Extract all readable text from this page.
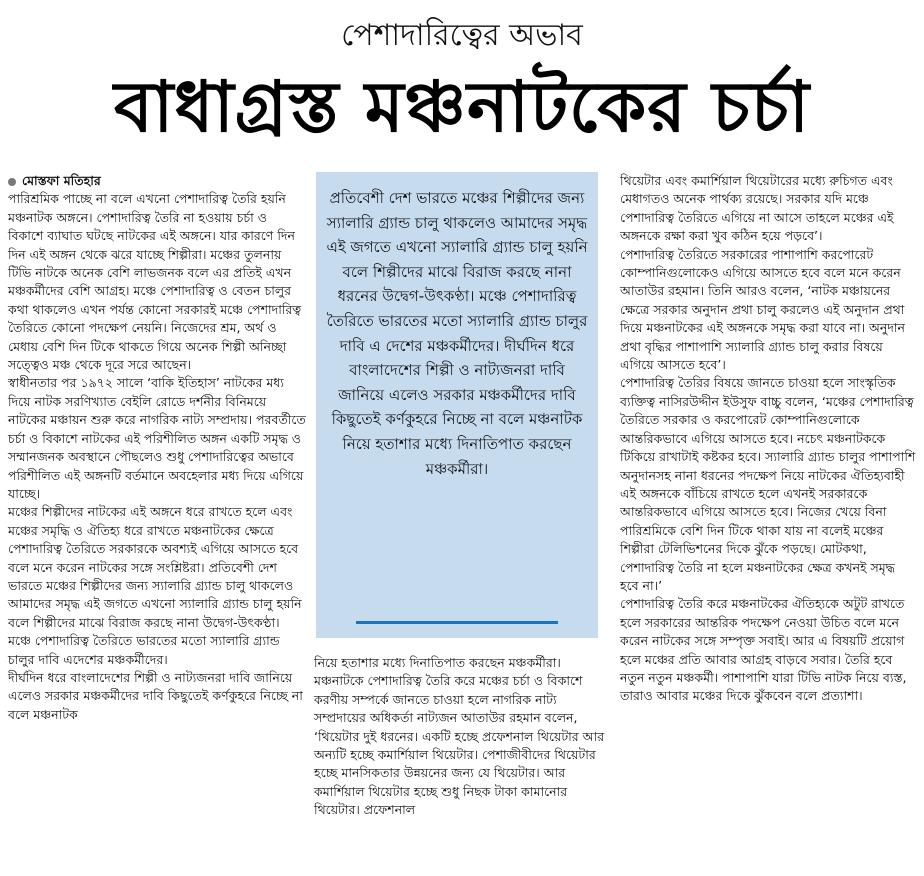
পেশাদারিত্বের অভাব
বাধাগ্রস্ত মঞ্চনাটকের চর্চা

মোস্তফা মতিহার

পারিশ্রমিক পাচ্ছে না বলে এখনো পেশাদারিত্ব তৈরি হয়নি মঞ্চনাটক অঙ্গনে। পেশাদারিত্ব তৈরি না হওয়ায় চর্চা ও বিকাশে ব্যাঘাত ঘটছে নাটকের এই অঙ্গনে। যার কারণে দিন দিন এই অঙ্গন থেকে ঝরে যাচ্ছে শিল্পীরা। মঞ্চের তুলনায় টিভি নাটকে অনেক বেশি লাভজনক বলে এর প্রতিই এখন মঞ্চকর্মীদের বেশি আগ্রহ। মঞ্চে পেশাদারিত্ব ও বেতন চালুর কথা থাকলেও এখন পর্যন্ত কোনো সরকারই মঞ্চে পেশাদারিত্ব তৈরিতে কোনো পদক্ষেপ নেয়নি। নিজেদের শ্রম, অর্থ ও মেধায় বেশি দিন টিকে থাকতে গিয়ে অনেক শিল্পী অনিচ্ছা সত্ত্বেও মঞ্চ থেকে দূরে সরে আছেন।

স্বাধীনতার পর ১৯৭২ সালে ‘বাকি ইতিহাস’ নাটকের মধ্য দিয়ে নাটক সরণিখ্যাত বেইলি রোডে দর্শনীর বিনিময়ে নাটকের মঞ্চায়ন শুরু করে নাগরিক নাট্য সম্প্রদায়। পরবর্তীতে চর্চা ও বিকাশে নাটকের এই পরিশীলিত অঙ্গন একটি সমৃদ্ধ ও সম্মানজনক অবস্থানে পৌছলেও শুধু পেশাদারিত্বের অভাবে পরিশীলিত এই অঙ্গনটি বর্তমানে অবহেলার মধ্য দিয়ে এগিয়ে যাচ্ছে।

মঞ্চের শিল্পীদের নাটকের এই অঙ্গনে ধরে রাখতে হলে এবং মঞ্চের সমৃদ্ধি ও ঐতিহ্য ধরে রাখতে মঞ্চনাটকের ক্ষেত্রে পেশাদারিত্ব তৈরিতে সরকারকে অবশ্যই এগিয়ে আসতে হবে বলে মনে করেন নাটকের সঙ্গে সংশ্লিষ্টরা। প্রতিবেশী দেশ ভারতে মঞ্চের শিল্পীদের জন্য স্যালারি গ্র্যান্ড চালু থাকলেও আমাদের সমৃদ্ধ এই জগতে এখনো স্যালারি গ্র্যান্ড চালু হয়নি বলে শিল্পীদের মাঝে বিরাজ করছে নানা উদ্বেগ-উৎকণ্ঠা। মঞ্চে পেশাদারিত্ব তৈরিতে ভারতের মতো স্যালারি গ্র্যান্ড চালুর দাবি এদেশের মঞ্চকর্মীদের।

দীর্ঘদিন ধরে বাংলাদেশের শিল্পী ও নাট্যজনরা দাবি জানিয়ে এলেও সরকার মঞ্চকর্মীদের দাবি কিছুতেই কর্ণকুহরে নিচ্ছে না বলে মঞ্চনাটক

প্রতিবেশী দেশ ভারতে মঞ্চের শিল্পীদের জন্য স্যালারি গ্র্যান্ড চালু থাকলেও আমাদের সমৃদ্ধ এই জগতে এখনো স্যালারি গ্র্যান্ড চালু হয়নি বলে শিল্পীদের মাঝে বিরাজ করছে নানা ধরনের উদ্বেগ-উৎকণ্ঠা। মঞ্চে পেশাদারিত্ব তৈরিতে ভারতের মতো স্যালারি গ্র্যান্ড চালুর দাবি এ দেশের মঞ্চকর্মীদের। দীর্ঘদিন ধরে বাংলাদেশের শিল্পী ও নাট্যজনরা দাবি জানিয়ে এলেও সরকার মঞ্চকর্মীদের দাবি কিছুতেই কর্ণকুহরে নিচ্ছে না বলে মঞ্চনাটক নিয়ে হতাশার মধ্যে দিনাতিপাত করছেন মঞ্চকর্মীরা।

নিয়ে হতাশার মধ্যে দিনাতিপাত করছেন মঞ্চকর্মীরা।

মঞ্চনাটকে পেশাদারিত্ব তৈরি করে মঞ্চের চর্চা ও বিকাশে করণীয় সম্পর্কে জানতে চাওয়া হলে নাগরিক নাট্য সম্প্রদায়ের অধিকর্তা নাট্যজন আতাউর রহমান বলেন, ‘থিয়েটার দুই ধরনের। একটি হচ্ছে প্রফেশনাল থিয়েটার আর অন্যটি হচ্ছে কমার্শিয়াল থিয়েটার। পেশাজীবীদের থিয়েটার হচ্ছে মানসিকতার উন্নয়নের জন্য যে থিয়েটার। আর কমার্শিয়াল থিয়েটার হচ্ছে শুধু নিছক টাকা কামানোর থিয়েটার। প্রফেশনাল

থিয়েটার এবং কমার্শিয়াল থিয়েটারের মধ্যে রুচিগত এবং মেধাগতও অনেক পার্থক্য রয়েছে। সরকার যদি মঞ্চে পেশাদারিত্ব তৈরিতে এগিয়ে না আসে তাহলে মঞ্চের এই অঙ্গনকে রক্ষা করা খুব কঠিন হয়ে পড়বে’।

পেশাদারিত্ব তৈরিতে সরকারের পাশাপাশি করপোরেট কোম্পানিগুলোকেও এগিয়ে আসতে হবে বলে মনে করেন আতাউর রহমান। তিনি আরও বলেন, ‘নাটক মঞ্চায়নের ক্ষেত্রে সরকার অনুদান প্রথা চালু করলেও এই অনুদান প্রথা দিয়ে মঞ্চনাটকের এই অঙ্গনকে সমৃদ্ধ করা যাবে না। অনুদান প্রথা বৃদ্ধির পাশাপাশি স্যালারি গ্র্যান্ড চালু করার বিষয়ে এগিয়ে আসতে হবে’।

পেশাদারিত্ব তৈরির বিষয়ে জানতে চাওয়া হলে সাংস্কৃতিক ব্যক্তিত্ব নাসিরউদ্দীন ইউসুফ বাচ্চু বলেন, ‘মঞ্চের পেশাদারিত্ব তৈরিতে সরকার ও করপোরেট কোম্পানিগুলোকে আন্তরিকভাবে এগিয়ে আসতে হবে। নচেৎ মঞ্চনাটককে টিকিয়ে রাখাটাই কষ্টকর হবে। স্যালারি গ্র্যান্ড চালুর পাশাপাশি অনুদানসহ নানা ধরনের পদক্ষেপ নিয়ে নাটকের ঐতিহ্যবাহী এই অঙ্গনকে বাঁচিয়ে রাখতে হলে এখনই সরকারকে আন্তরিকভাবে এগিয়ে আসতে হবে। নিজের খেয়ে বিনা পারিশ্রমিকে বেশি দিন টিকে থাকা যায় না বলেই মঞ্চের শিল্পীরা টেলিভিশনের দিকে ঝুঁকে পড়ছে। মোটকথা, পেশাদারিত্ব তৈরি না হলে মঞ্চনাটকের ক্ষেত্র কখনই সমৃদ্ধ হবে না।’

পেশাদারিত্ব তৈরি করে মঞ্চনাটকের ঐতিহ্যকে অটুট রাখতে হলে সরকারের আন্তরিক পদক্ষেপ নেওয়া উচিত বলে মনে করেন নাটকের সঙ্গে সম্পৃক্ত সবাই। আর এ বিষয়টি প্রয়োগ হলে মঞ্চের প্রতি আবার আগ্রহ বাড়বে সবার। তৈরি হবে নতুন নতুন মঞ্চকর্মী। পাশাপাশি যারা টিভি নাটক নিয়ে ব্যস্ত, তারাও আবার মঞ্চের দিকে ঝুঁকবেন বলে প্রত্যাশা।
